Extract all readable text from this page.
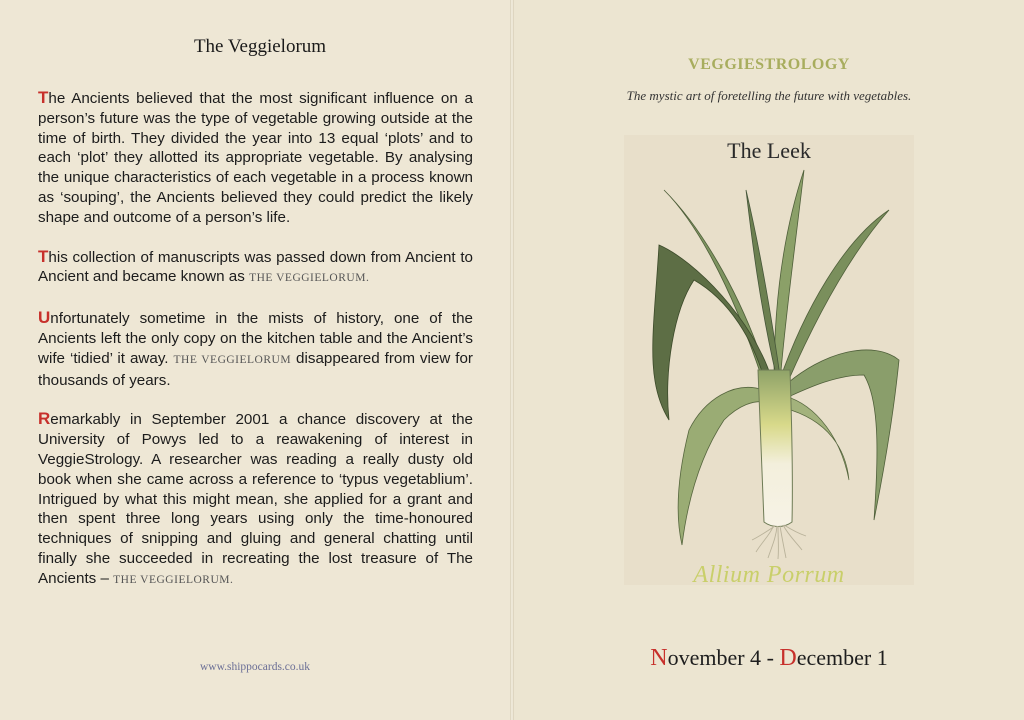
The Veggielorum

The Ancients believed that the most significant influence on a person’s future was the type of vegetable growing outside at the time of birth. They divided the year into 13 equal ‘plots’ and to each ‘plot’ they allotted its appropriate vegetable. By analysing the unique characteristics of each vegetable in a process known as ‘souping’, the Ancients believed they could predict the likely shape and outcome of a person’s life.

This collection of manuscripts was passed down from Ancient to Ancient and became known as THE VEGGIELORUM.

Unfortunately sometime in the mists of history, one of the Ancients left the only copy on the kitchen table and the Ancient’s wife ‘tidied’ it away. THE VEGGIELORUM disappeared from view for thousands of years.

Remarkably in September 2001 a chance discovery at the University of Powys led to a reawakening of interest in VeggieStrology. A researcher was reading a really dusty old book when she came across a reference to ‘typus vegetablium’. Intrigued by what this might mean, she applied for a grant and then spent three long years using only the time-honoured techniques of snipping and gluing and general chatting until finally she succeeded in recreating the lost treasure of The Ancients – THE VEGGIELORUM.

www.shippocards.co.uk
VEGGIESTROLOGY
The mystic art of foretelling the future with vegetables.
The Leek
Allium Porrum
November 4 - December 1
